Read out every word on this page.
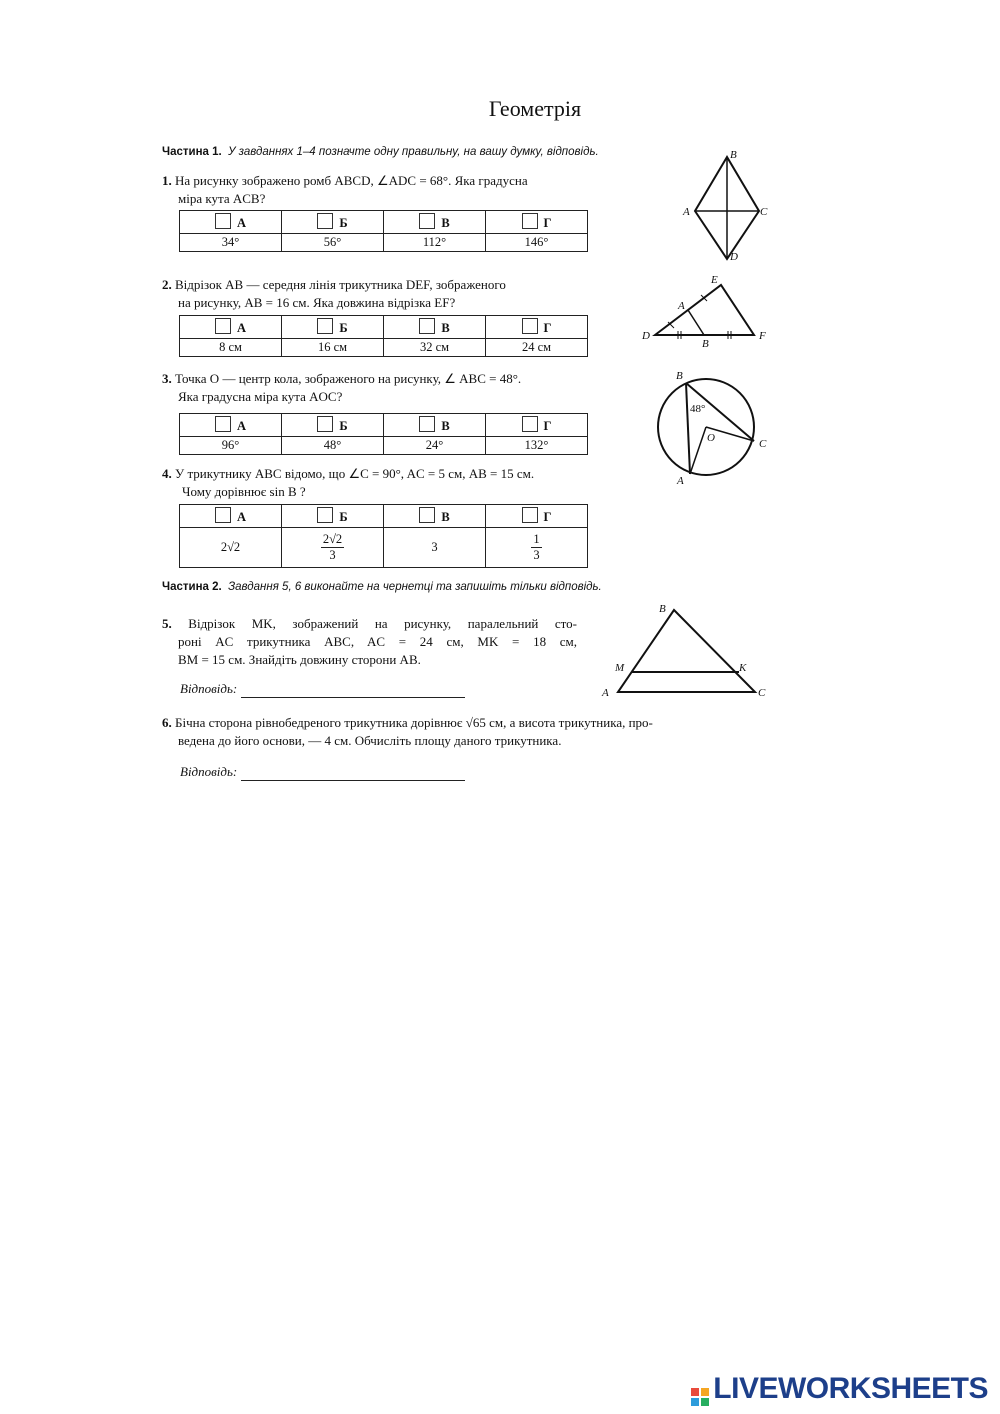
Геометрія
Частина 1. У завданнях 1–4 позначте одну правильну, на вашу думку, відповідь.
1. На рисунку зображено ромб ABCD, ∠ADC = 68°. Яка градусна
міра кута ACB?
А	Б	В	Г
34°	56°	112°	146°
2. Відрізок AB — середня лінія трикутника DEF, зображеного
на рисунку, AB = 16 см. Яка довжина відрізка EF?
А	Б	В	Г
8 см	16 см	32 см	24 см
3. Точка O — центр кола, зображеного на рисунку, ∠ ABC = 48°.
Яка градусна міра кута AOC?
А	Б	В	Г
96°	48°	24°	132°
4. У трикутнику ABC відомо, що ∠C = 90°, AC = 5 см, AB = 15 см.
Чому дорівнює sin B ?
А	Б	В	Г
2√2	$\frac{2√2}{3}$	3	$\frac{1}{3}$
Частина 2. Завдання 5, 6 виконайте на чернетці та запишіть тільки відповідь.
5. Відрізок MK, зображений на рисунку, паралельний сто-
роні AC трикутника ABC, AC = 24 см, MK = 18 см,
BM = 15 см. Знайдіть довжину сторони AB.
Відповідь:
6. Бічна сторона рівнобедреного трикутника дорівнює √65 см, а висота трикутника, про-
ведена до його основи, — 4 см. Обчисліть площу даного трикутника.
Відповідь:
B
A	C
D
E
A
D
B
F
B
48°
O	C
A
B
M	K
A	C
LIVEWORKSHEETS
